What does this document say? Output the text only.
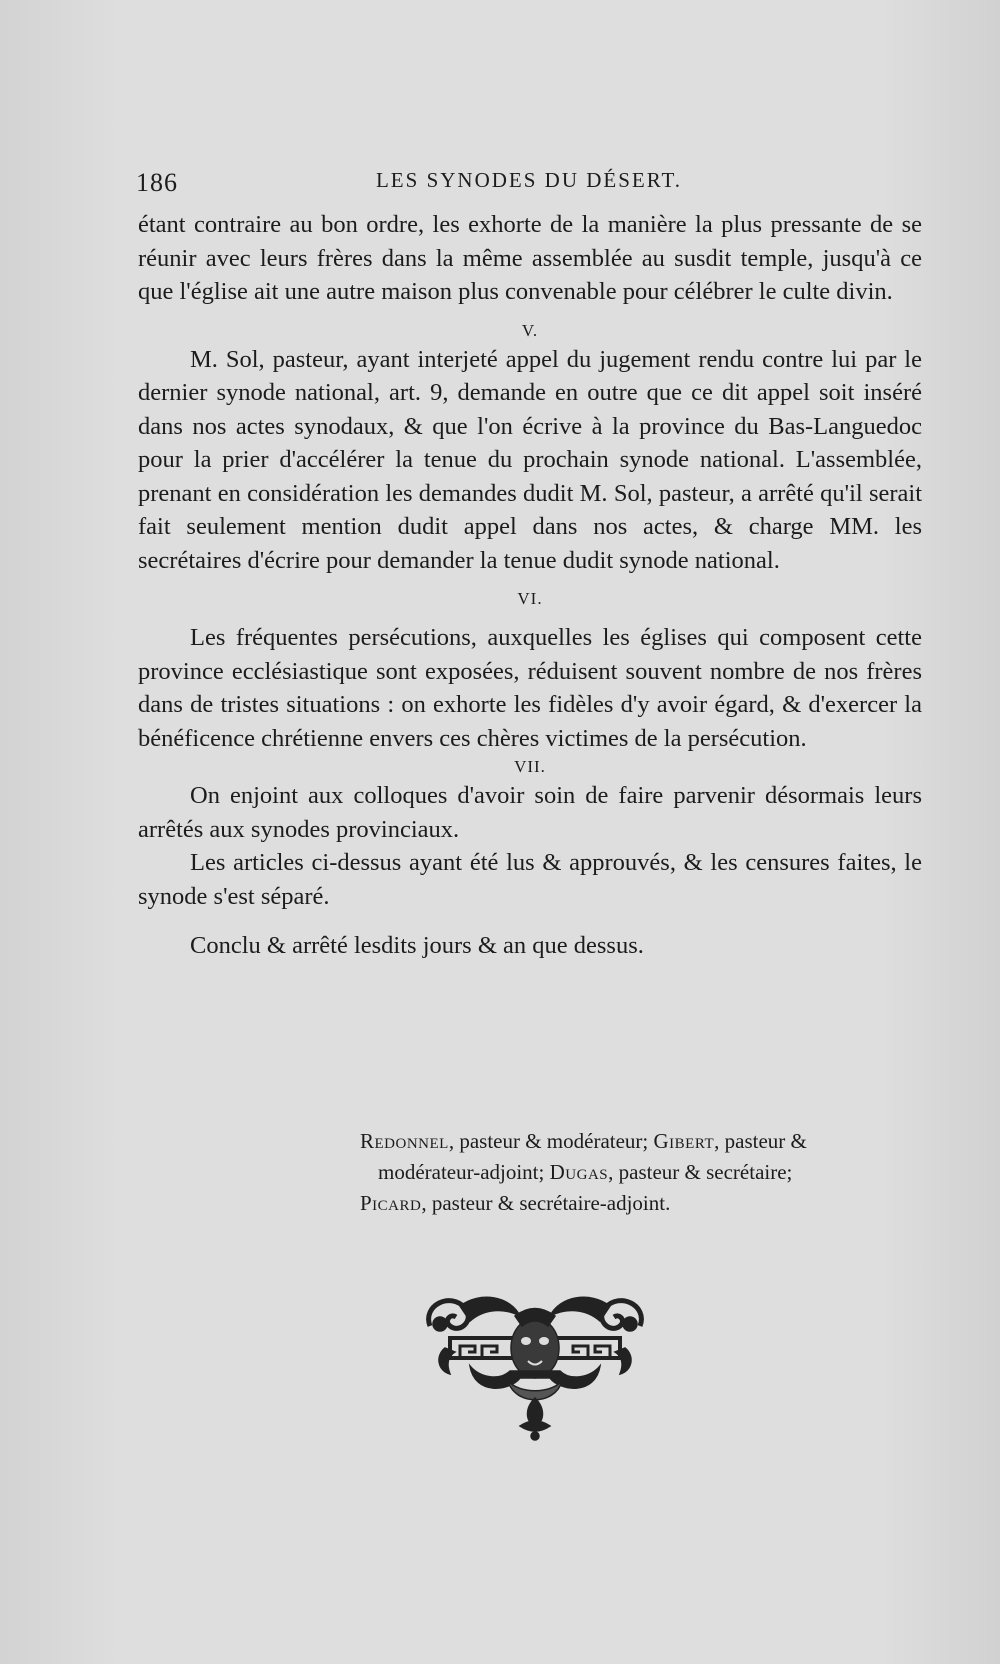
186	LES SYNODES DU DÉSERT.

étant contraire au bon ordre, les exhorte de la manière la plus pressante de se réunir avec leurs frères dans la même assemblée au susdit temple, jusqu'à ce que l'église ait une autre maison plus convenable pour célébrer le culte divin.

V.

M. Sol, pasteur, ayant interjeté appel du jugement rendu contre lui par le dernier synode national, art. 9, demande en outre que ce dit appel soit inséré dans nos actes synodaux, & que l'on écrive à la province du Bas-Languedoc pour la prier d'accélérer la tenue du prochain synode national. L'assemblée, prenant en considération les demandes dudit M. Sol, pasteur, a arrêté qu'il serait fait seulement mention dudit appel dans nos actes, & charge MM. les secrétaires d'écrire pour demander la tenue dudit synode national.

VI.

Les fréquentes persécutions, auxquelles les églises qui composent cette province ecclésiastique sont exposées, réduisent souvent nombre de nos frères dans de tristes situations : on exhorte les fidèles d'y avoir égard, & d'exercer la bénéficence chrétienne envers ces chères victimes de la persécution.

VII.

On enjoint aux colloques d'avoir soin de faire parvenir désormais leurs arrêtés aux synodes provinciaux.

Les articles ci-dessus ayant été lus & approuvés, & les censures faites, le synode s'est séparé.

Conclu & arrêté lesdits jours & an que dessus.

Redonnel, pasteur & modérateur; Gibert, pasteur &

modérateur-adjoint; Dugas, pasteur & secrétaire;

Picard, pasteur & secrétaire-adjoint.
